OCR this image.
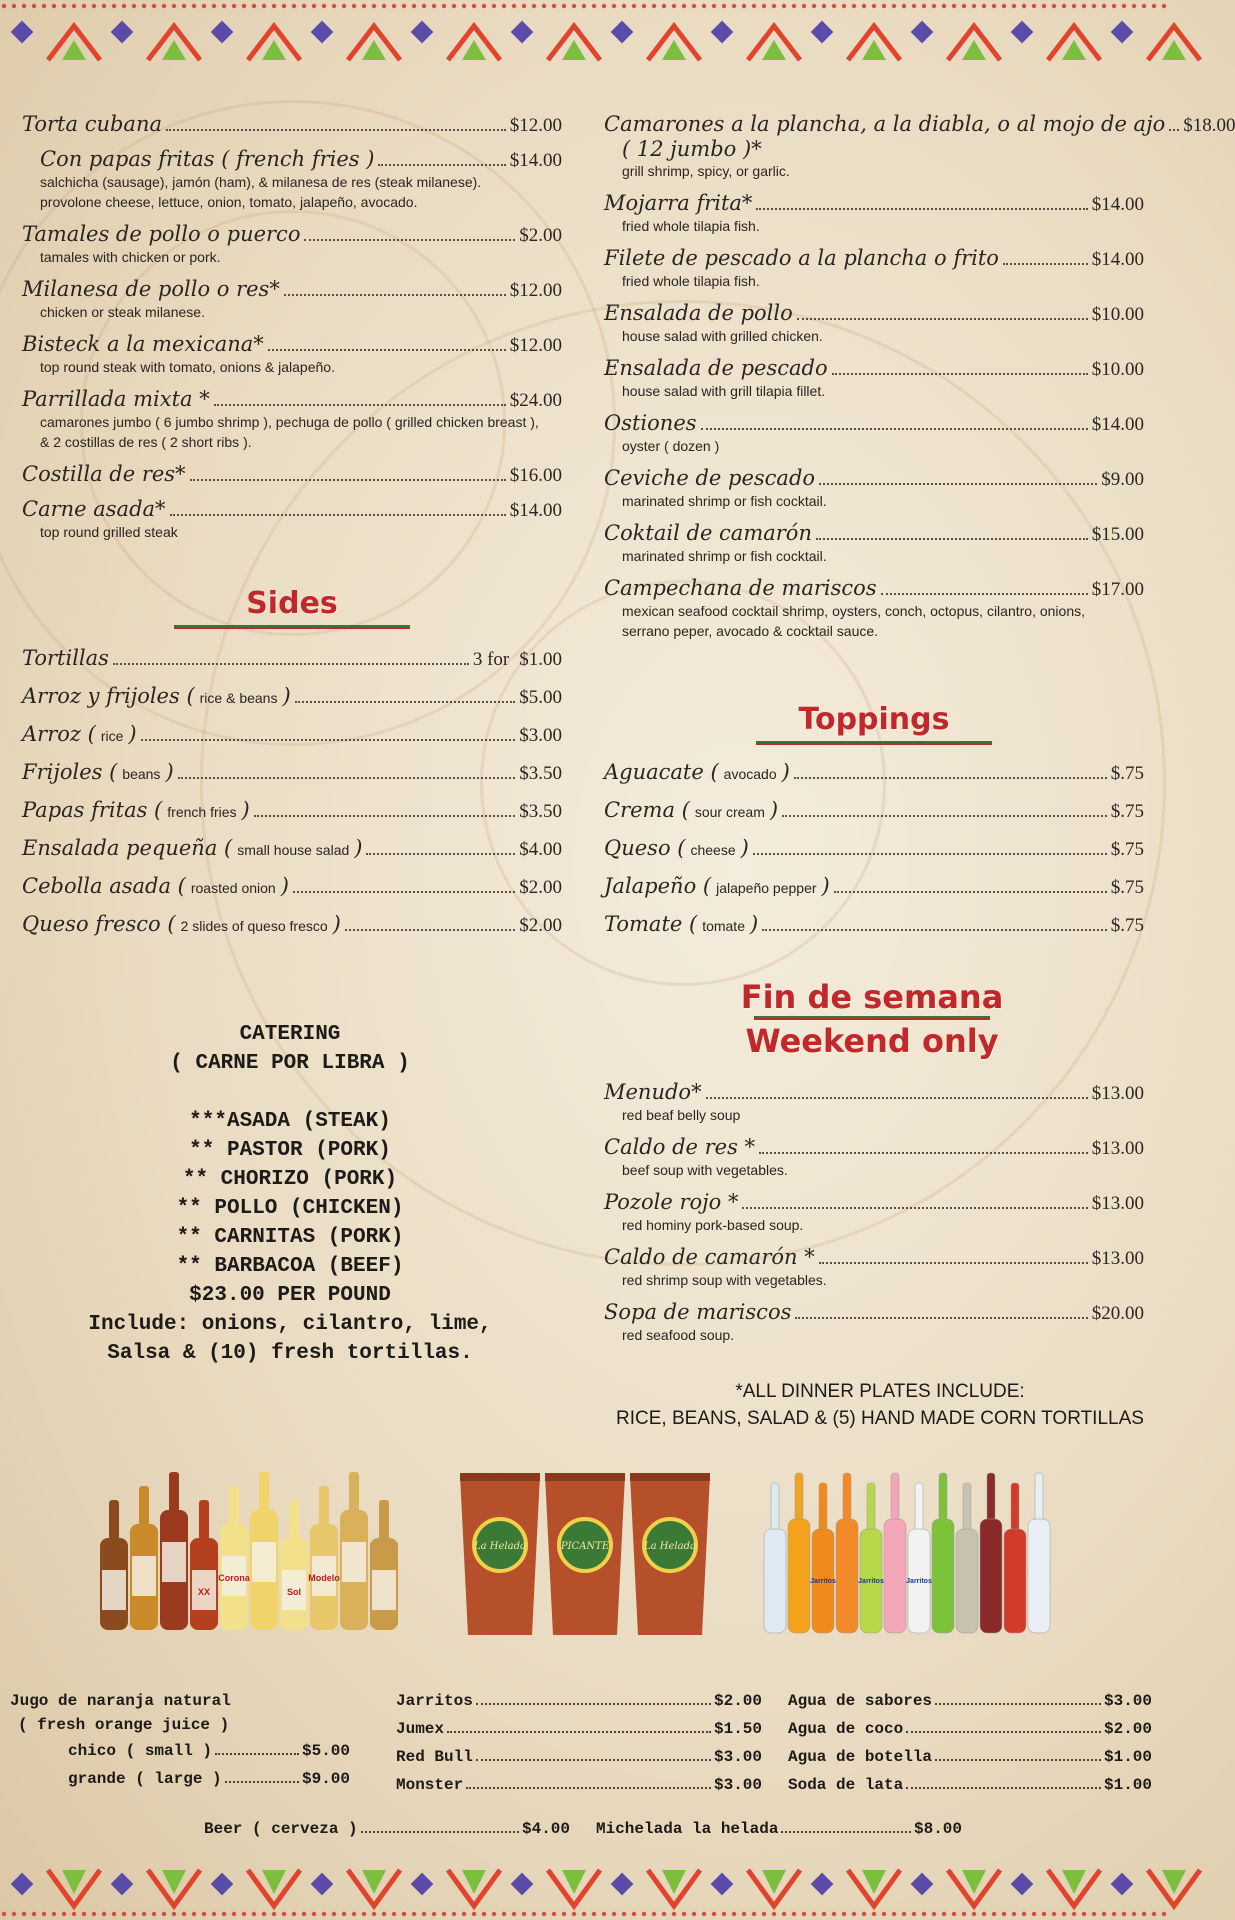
Torta cubana	$12.00
Con papas fritas ( french fries )	$14.00
salchicha (sausage), jamón (ham), & milanesa de res (steak milanese).
provolone cheese, lettuce, onion, tomato, jalapeño, avocado.
Tamales de pollo o puerco	$2.00
tamales with chicken or pork.
Milanesa de pollo o res*	$12.00
chicken or steak milanese.
Bisteck a la mexicana*	$12.00
top round steak with tomato, onions & jalapeño.
Parrillada mixta *	$24.00
camarones jumbo ( 6 jumbo shrimp ), pechuga de pollo ( grilled chicken breast ),
& 2 costillas de res ( 2 short ribs ).
Costilla de res*	$16.00
Carne asada*	$14.00
top round grilled steak
Sides
Tortillas	3 for $1.00
Arroz y frijoles ( rice & beans )	$5.00
Arroz ( rice )	$3.00
Frijoles ( beans )	$3.50
Papas fritas ( french fries )	$3.50
Ensalada pequeña ( small house salad )	$4.00
Cebolla asada ( roasted onion )	$2.00
Queso fresco ( 2 slides of queso fresco )	$2.00
CATERING
( CARNE POR LIBRA )
***ASADA (STEAK)
** PASTOR (PORK)
** CHORIZO (PORK)
** POLLO (CHICKEN)
** CARNITAS (PORK)
** BARBACOA (BEEF)
$23.00 PER POUND
Include: onions, cilantro, lime,
Salsa & (10) fresh tortillas.
Camarones a la plancha, a la diabla, o al mojo de ajo $18.00
( 12 jumbo )*
grill shrimp, spicy, or garlic.
Mojarra frita*	$14.00
fried whole tilapia fish.
Filete de pescado a la plancha o frito	$14.00
fried whole tilapia fish.
Ensalada de pollo	$10.00
house salad with grilled chicken.
Ensalada de pescado	$10.00
house salad with grill tilapia fillet.
Ostiones	$14.00
oyster ( dozen )
Ceviche de pescado	$9.00
marinated shrimp or fish cocktail.
Coktail de camarón	$15.00
marinated shrimp or fish cocktail.
Campechana de mariscos	$17.00
mexican seafood cocktail shrimp, oysters, conch, octopus, cilantro, onions,
serrano peper, avocado & cocktail sauce.
Toppings
Aguacate ( avocado )	$.75
Crema ( sour cream )	$.75
Queso ( cheese )	$.75
Jalapeño ( jalapeño pepper )	$.75
Tomate ( tomate )	$.75
Fin de semana
Weekend only
Menudo*	$13.00
red beaf belly soup
Caldo de res *	$13.00
beef soup with vegetables.
Pozole rojo *	$13.00
red hominy pork-based soup.
Caldo de camarón *	$13.00
red shrimp soup with vegetables.
Sopa de mariscos	$20.00
red seafood soup.
*ALL DINNER PLATES INCLUDE:
RICE, BEANS, SALAD & (5) HAND MADE CORN TORTILLAS
XX
Corona
Sol
Modelo
La Helada	PICANTE	La Helada
Jarritos	Jarritos	Jarritos
Jugo de naranja natural
( fresh orange juice )
chico ( small )	$5.00
grande ( large )	$9.00
Jarritos	$2.00
Jumex	$1.50
Red Bull	$3.00
Monster	$3.00
Agua de sabores	$3.00
Agua de coco	$2.00
Agua de botella	$1.00
Soda de lata	$1.00
Beer ( cerveza )	$4.00 Michelada la helada	$8.00
